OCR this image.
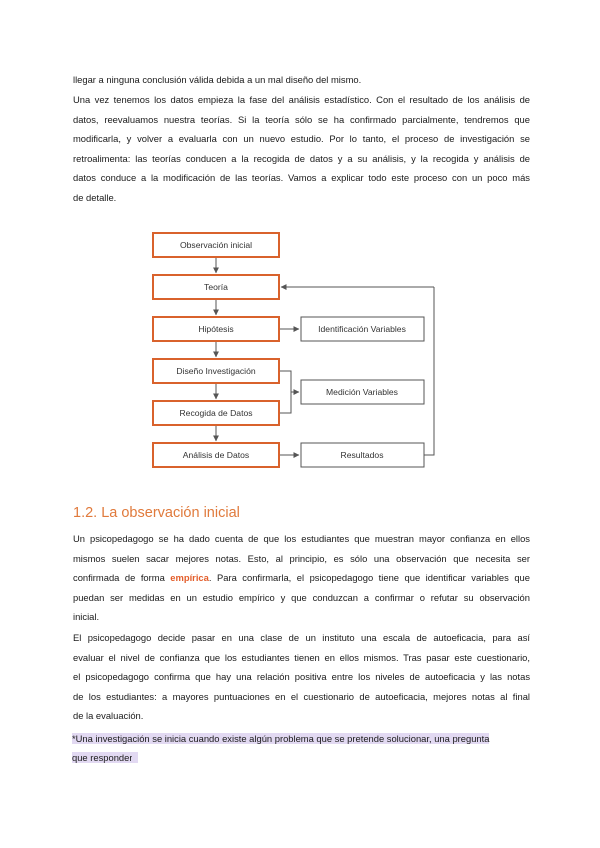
llegar a ninguna conclusión válida debida a un mal diseño del mismo.

Una vez tenemos los datos empieza la fase del análisis estadístico. Con el resultado de los análisis de
datos, reevaluamos nuestra teorías. Si la teoría sólo se ha confirmado parcialmente, tendremos que
modificarla, y volver a evaluarla con un nuevo estudio. Por lo tanto, el proceso de investigación se
retroalimenta: las teorías conducen a la recogida de datos y a su análisis, y la recogida y análisis de
datos conduce a la modificación de las teorías. Vamos a explicar todo este proceso con un poco más
de detalle.

Observación inicial
Teoría
Hipótesis
Diseño Investigación
Recogida de Datos
Análisis de Datos
Identificación Variables
Medición Variables
Resultados
1.2. La observación inicial

Un psicopedagogo se ha dado cuenta de que los estudiantes que muestran mayor confianza en ellos
mismos suelen sacar mejores notas. Esto, al principio, es sólo una observación que necesita ser
confirmada de forma empírica. Para confirmarla, el psicopedagogo tiene que identificar variables que
puedan ser medidas en un estudio empírico y que conduzcan a confirmar o refutar su observación
inicial.

El psicopedagogo decide pasar en una clase de un instituto una escala de autoeficacia, para así
evaluar el nivel de confianza que los estudiantes tienen en ellos mismos. Tras pasar este cuestionario,
el psicopedagogo confirma que hay una relación positiva entre los niveles de autoeficacia y las notas
de los estudiantes: a mayores puntuaciones en el cuestionario de autoeficacia, mejores notas al final
de la evaluación.

*Una investigación se inicia cuando existe algún problema que se pretende solucionar, una pregunta
que responder
